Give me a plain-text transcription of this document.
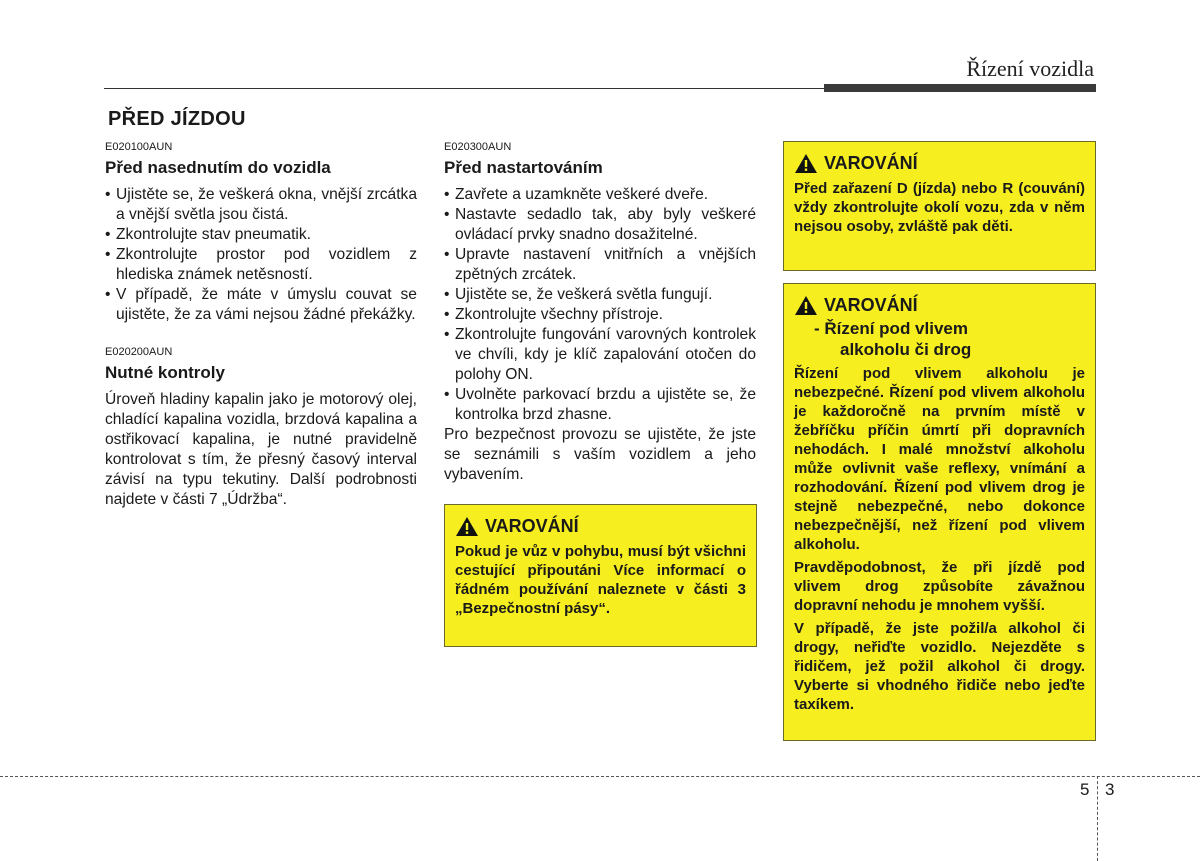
Řízení vozidla
PŘED JÍZDOU
E020100AUN
Před nasednutím do vozidla
• Ujistěte se, že veškerá okna, vnější zrcátka a vnější světla jsou čistá.
• Zkontrolujte stav pneumatik.
• Zkontrolujte prostor pod vozidlem z hlediska známek netěsností.
• V případě, že máte v úmyslu couvat se ujistěte, že za vámi nejsou žádné překážky.
E020200AUN
Nutné kontroly

Úroveň hladiny kapalin jako je motorový olej, chladící kapalina vozidla, brzdová kapalina a ostřikovací kapalina, je nutné pravidelně kontrolovat s tím, že přesný časový interval závisí na typu tekutiny. Další podrobnosti najdete v části 7 „Údržba“.

E020300AUN
Před nastartováním
• Zavřete a uzamkněte veškeré dveře.
• Nastavte sedadlo tak, aby byly veškeré ovládací prvky snadno dosažitelné.
• Upravte nastavení vnitřních a vnějších zpětných zrcátek.
• Ujistěte se, že veškerá světla fungují.
• Zkontrolujte všechny přístroje.
• Zkontrolujte fungování varovných kontrolek ve chvíli, kdy je klíč zapalování otočen do polohy ON.
• Uvolněte parkovací brzdu a ujistěte se, že kontrolka brzd zhasne.

Pro bezpečnost provozu se ujistěte, že jste se seznámili s vaším vozidlem a jeho vybavením.

VAROVÁNÍ

Před zařazení D (jízda) nebo R (couvání) vždy zkontrolujte okolí vozu, zda v něm nejsou osoby, zvláště pak děti.

VAROVÁNÍ
- Řízení pod vlivem
alkoholu či drog

Řízení pod vlivem alkoholu je nebezpečné. Řízení pod vlivem alkoholu je každoročně na prvním místě v žebříčku příčin úmrtí při dopravních nehodách. I malé množství alkoholu může ovlivnit vaše reflexy, vnímání a rozhodování. Řízení pod vlivem drog je stejně nebezpečné, nebo dokonce nebezpečnější, než řízení pod vlivem alkoholu.

Pravděpodobnost, že při jízdě pod vlivem drog způsobíte závažnou dopravní nehodu je mnohem vyšší.

V případě, že jste požil/a alkohol či drogy, neřiďte vozidlo. Nejezděte s řidičem, jež požil alkohol či drogy. Vyberte si vhodného řidiče nebo jeďte taxíkem.

VAROVÁNÍ

Pokud je vůz v pohybu, musí být všichni cestující připoutáni Více informací o řádném používání naleznete v části 3 „Bezpečnostní pásy“.

5 3
